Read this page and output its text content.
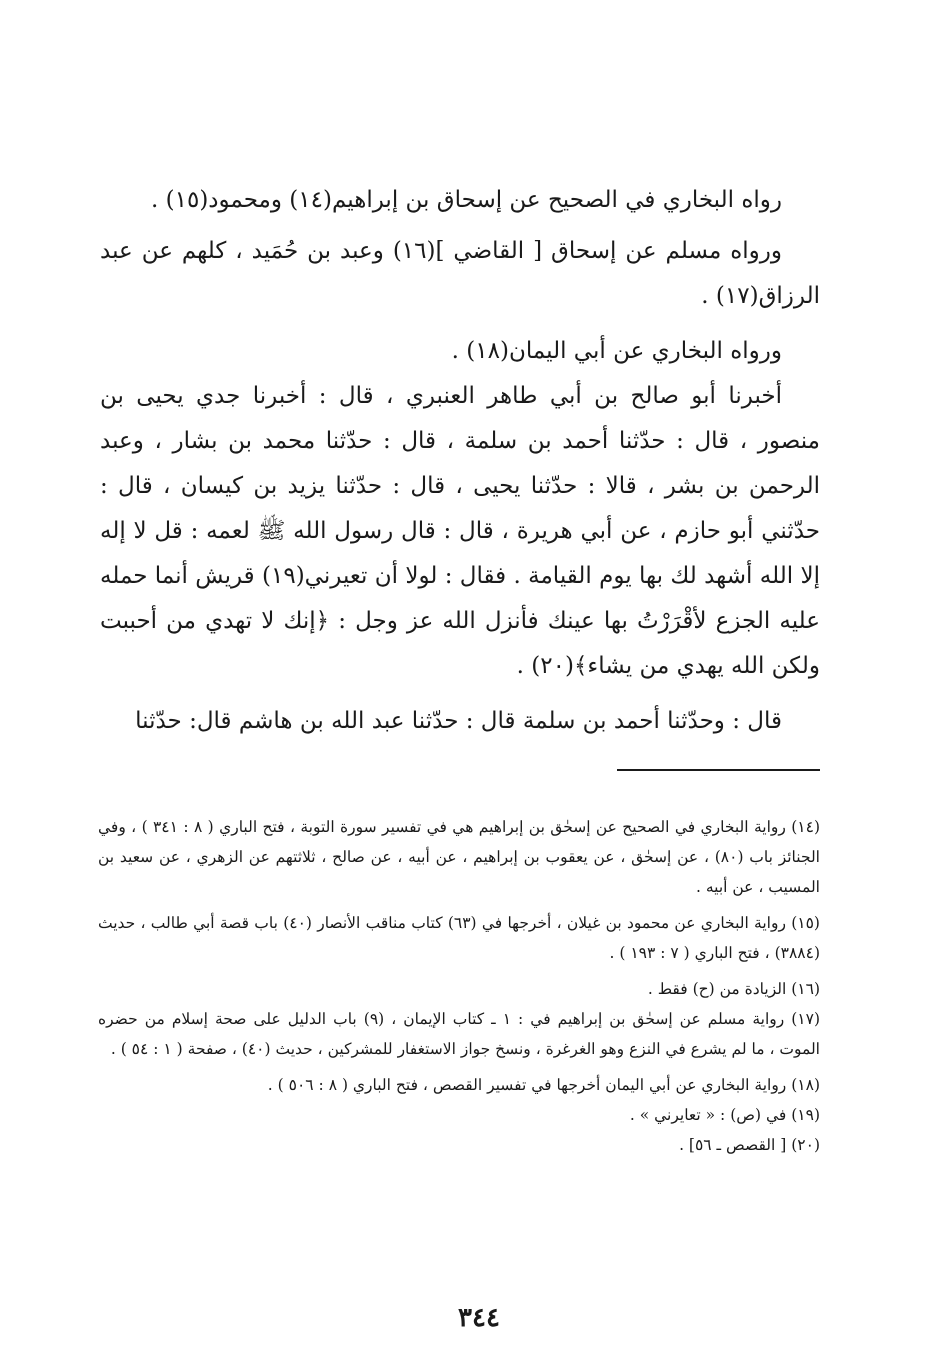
رواه البخاري في الصحيح عن إسحاق بن إبراهيم(١٤) ومحمود(١٥) .

ورواه مسلم عن إسحاق [ القاضي ](١٦) وعبد بن حُمَيد ، كلهم عن عبد الرزاق(١٧) .

ورواه البخاري عن أبي اليمان(١٨) .

أخبرنا أبو صالح بن أبي طاهر العنبري ، قال : أخبرنا جدي يحيى بن منصور ، قال : حدّثنا أحمد بن سلمة ، قال : حدّثنا محمد بن بشار ، وعبد الرحمن بن بشر ، قالا : حدّثنا يحيى ، قال : حدّثنا يزيد بن كيسان ، قال : حدّثني أبو حازم ، عن أبي هريرة ، قال : قال رسول الله ﷺ لعمه : قل لا إله إلا الله أشهد لك بها يوم القيامة . فقال : لولا أن تعيرني(١٩) قريش أنما حمله عليه الجزع لأقْرَرْتُ بها عينك فأنزل الله عز وجل : ﴿إنك لا تهدي من أحببت ولكن الله يهدي من يشاء﴾(٢٠) .

قال : وحدّثنا أحمد بن سلمة قال : حدّثنا عبد الله بن هاشم قال: حدّثنا

(١٤) رواية البخاري في الصحيح عن إسحٰق بن إبراهيم هي في تفسير سورة التوبة ، فتح الباري ( ٨ : ٣٤١ ) ، وفي الجنائز باب (٨٠) ، عن إسحٰق ، عن يعقوب بن إبراهيم ، عن أبيه ، عن صالح ، ثلاثتهم عن الزهري ، عن سعيد بن المسيب ، عن أبيه .

(١٥) رواية البخاري عن محمود بن غيلان ، أخرجها في (٦٣) كتاب مناقب الأنصار (٤٠) باب قصة أبي طالب ، حديث (٣٨٨٤) ، فتح الباري ( ٧ : ١٩٣ ) .

(١٦) الزيادة من (ح) فقط .

(١٧) رواية مسلم عن إسحٰق بن إبراهيم في : ١ ـ كتاب الإيمان ، (٩) باب الدليل على صحة إسلام من حضره الموت ، ما لم يشرع في النزع وهو الغرغرة ، ونسخ جواز الاستغفار للمشركين ، حديث (٤٠) ، صفحة ( ١ : ٥٤ ) .

(١٨) رواية البخاري عن أبي اليمان أخرجها في تفسير القصص ، فتح الباري ( ٨ : ٥٠٦ ) .

(١٩) في (ص) : « تعايرني » .

(٢٠) [ القصص ـ ٥٦] .

٣٤٤
